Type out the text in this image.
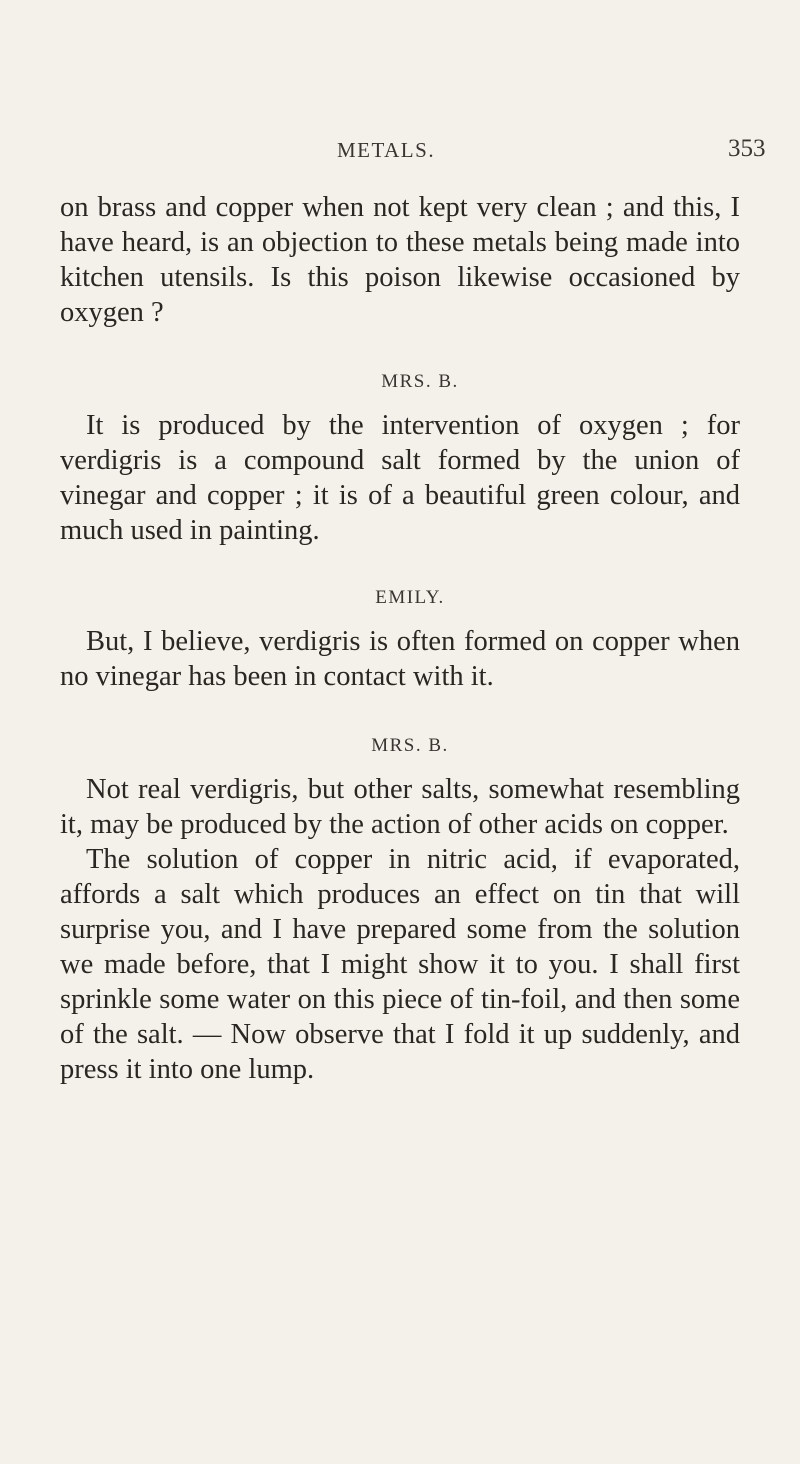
METALS.	353

on brass and copper when not kept very clean ; and this, I have heard, is an objection to these metals being made into kitchen utensils. Is this poison likewise occasioned by oxygen ?

MRS. B.

It is produced by the intervention of oxygen ; for verdigris is a compound salt formed by the union of vinegar and copper ; it is of a beautiful green colour, and much used in painting.

EMILY.

But, I believe, verdigris is often formed on copper when no vinegar has been in contact with it.

MRS. B.

Not real verdigris, but other salts, somewhat resembling it, may be produced by the action of other acids on copper.

The solution of copper in nitric acid, if evaporated, affords a salt which produces an effect on tin that will surprise you, and I have prepared some from the solution we made before, that I might show it to you. I shall first sprinkle some water on this piece of tin-foil, and then some of the salt. — Now observe that I fold it up suddenly, and press it into one lump.
